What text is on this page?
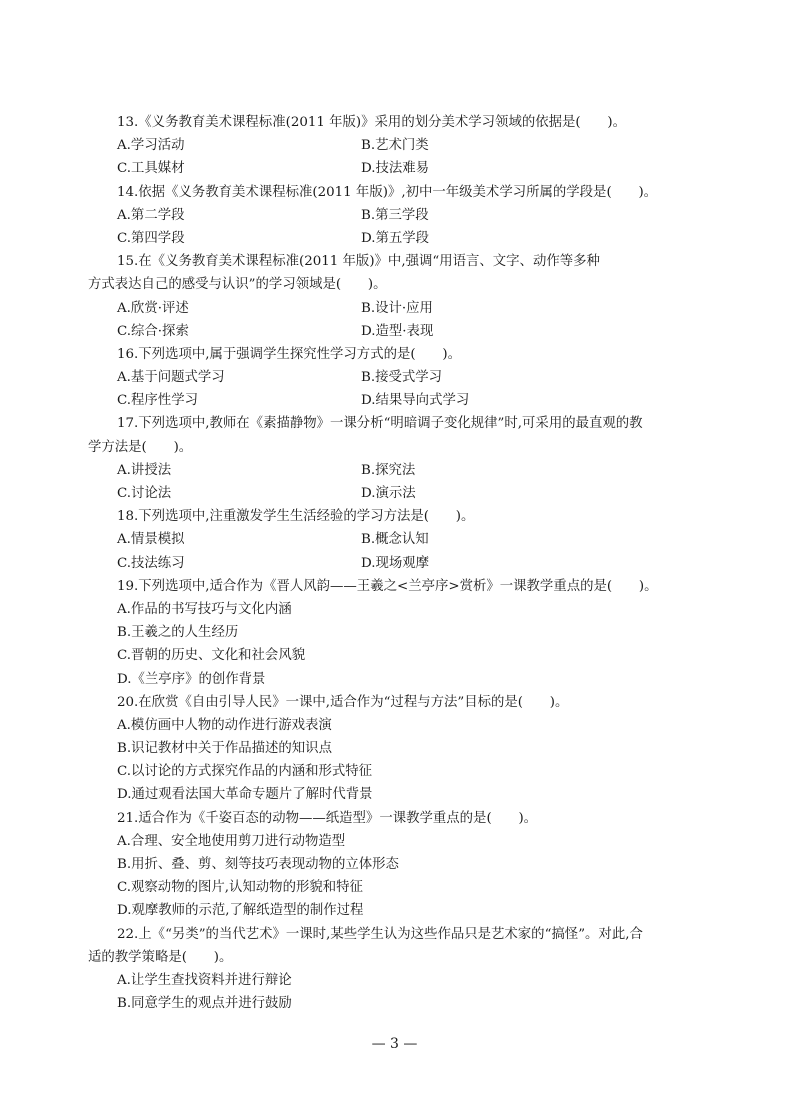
13.《义务教育美术课程标准(2011 年版)》采用的划分美术学习领域的依据是(　　)。
A.学习活动	B.艺术门类
C.工具媒材	D.技法难易
14.依据《义务教育美术课程标准(2011 年版)》,初中一年级美术学习所属的学段是(　　)。
A.第二学段	B.第三学段
C.第四学段	D.第五学段
15.在《义务教育美术课程标准(2011 年版)》中,强调“用语言、文字、动作等多种
方式表达自己的感受与认识”的学习领域是(　　)。
A.欣赏·评述	B.设计·应用
C.综合·探索	D.造型·表现
16.下列选项中,属于强调学生探究性学习方式的是(　　)。
A.基于问题式学习	B.接受式学习
C.程序性学习	D.结果导向式学习
17.下列选项中,教师在《素描静物》一课分析“明暗调子变化规律”时,可采用的最直观的教
学方法是(　　)。
A.讲授法	B.探究法
C.讨论法	D.演示法
18.下列选项中,注重激发学生生活经验的学习方法是(　　)。
A.情景模拟	B.概念认知
C.技法练习	D.现场观摩
19.下列选项中,适合作为《晋人风韵——王羲之<兰亭序>赏析》一课教学重点的是(　　)。
A.作品的书写技巧与文化内涵
B.王羲之的人生经历
C.晋朝的历史、文化和社会风貌
D.《兰亭序》的创作背景
20.在欣赏《自由引导人民》一课中,适合作为“过程与方法”目标的是(　　)。
A.模仿画中人物的动作进行游戏表演
B.识记教材中关于作品描述的知识点
C.以讨论的方式探究作品的内涵和形式特征
D.通过观看法国大革命专题片了解时代背景
21.适合作为《千姿百态的动物——纸造型》一课教学重点的是(　　)。
A.合理、安全地使用剪刀进行动物造型
B.用折、叠、剪、刻等技巧表现动物的立体形态
C.观察动物的图片,认知动物的形貌和特征
D.观摩教师的示范,了解纸造型的制作过程
22.上《“另类”的当代艺术》一课时,某些学生认为这些作品只是艺术家的“搞怪”。对此,合
适的教学策略是(　　)。
A.让学生查找资料并进行辩论
B.同意学生的观点并进行鼓励
— 3 —
